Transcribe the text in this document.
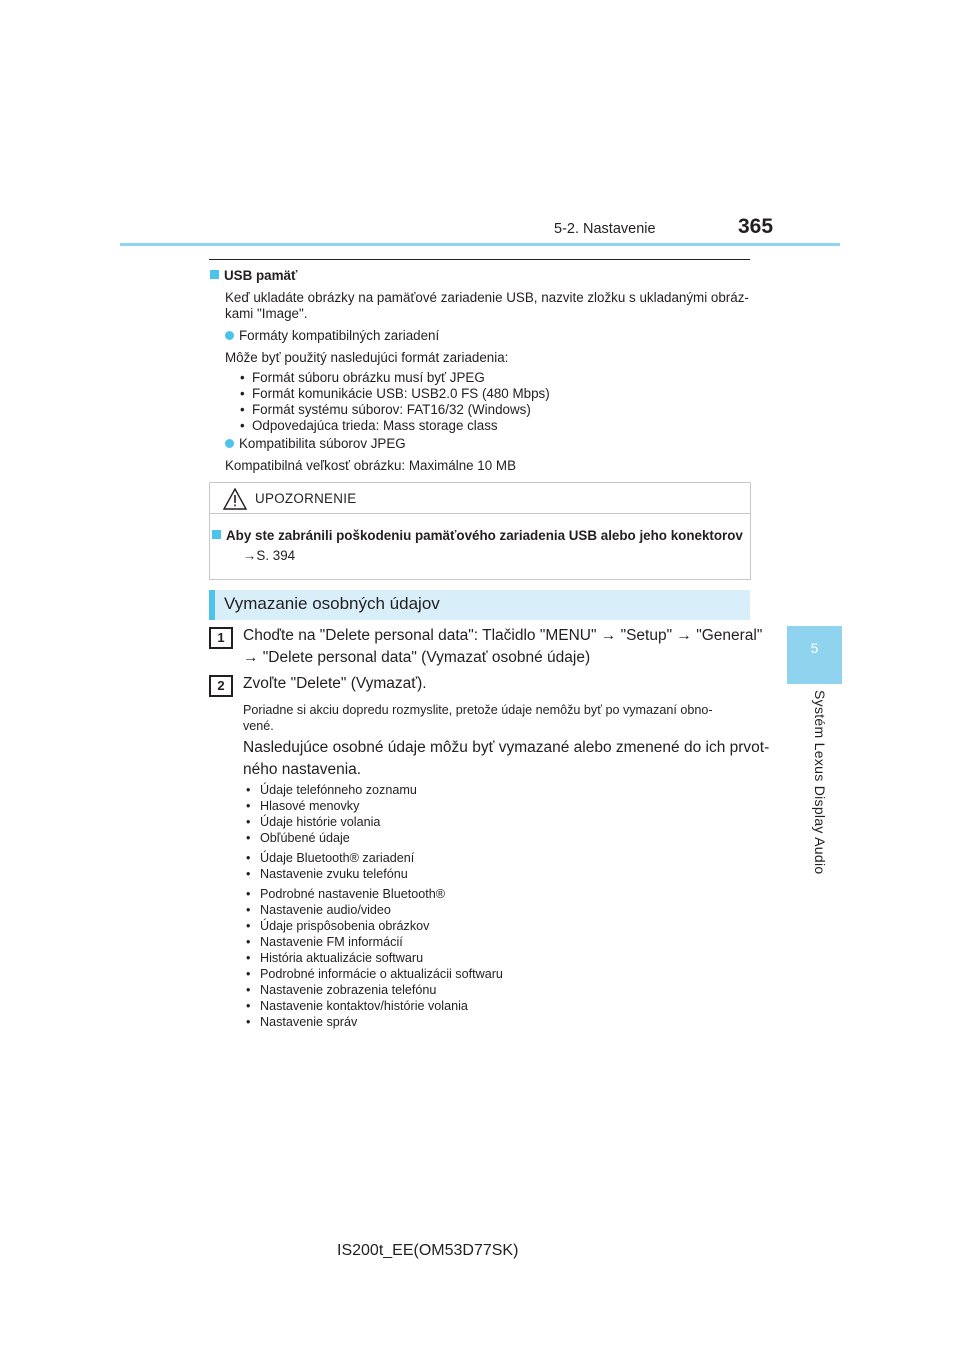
5-2. Nastavenie	365
5
Systém Lexus Display Audio
USB pamäť
Keď ukladáte obrázky na pamäťové zariadenie USB, nazvite zložku s ukladanými obráz-
kami "Image".
Formáty kompatibilných zariadení
Môže byť použitý nasledujúci formát zariadenia:
• Formát súboru obrázku musí byť JPEG
• Formát komunikácie USB: USB2.0 FS (480 Mbps)
• Formát systému súborov: FAT16/32 (Windows)
• Odpovedajúca trieda: Mass storage class
Kompatibilita súborov JPEG
Kompatibilná veľkosť obrázku: Maximálne 10 MB
UPOZORNENIE
Aby ste zabránili poškodeniu pamäťového zariadenia USB alebo jeho konektorov
→S. 394
Vymazanie osobných údajov
1	Choďte na "Delete personal data": Tlačidlo "MENU" → "Setup" → "General"
→ "Delete personal data" (Vymazať osobné údaje)
2	Zvoľte "Delete" (Vymazať).
Poriadne si akciu dopredu rozmyslite, pretože údaje nemôžu byť po vymazaní obno-
vené.
Nasledujúce osobné údaje môžu byť vymazané alebo zmenené do ich prvot-
ného nastavenia.
• Údaje telefónneho zoznamu
• Hlasové menovky
• Údaje histórie volania
• Obľúbené údaje
• Údaje Bluetooth® zariadení
• Nastavenie zvuku telefónu
• Podrobné nastavenie Bluetooth®
• Nastavenie audio/video
• Údaje prispôsobenia obrázkov
• Nastavenie FM informácií
• História aktualizácie softwaru
• Podrobné informácie o aktualizácii softwaru
• Nastavenie zobrazenia telefónu
• Nastavenie kontaktov/histórie volania
• Nastavenie správ
IS200t_EE(OM53D77SK)
